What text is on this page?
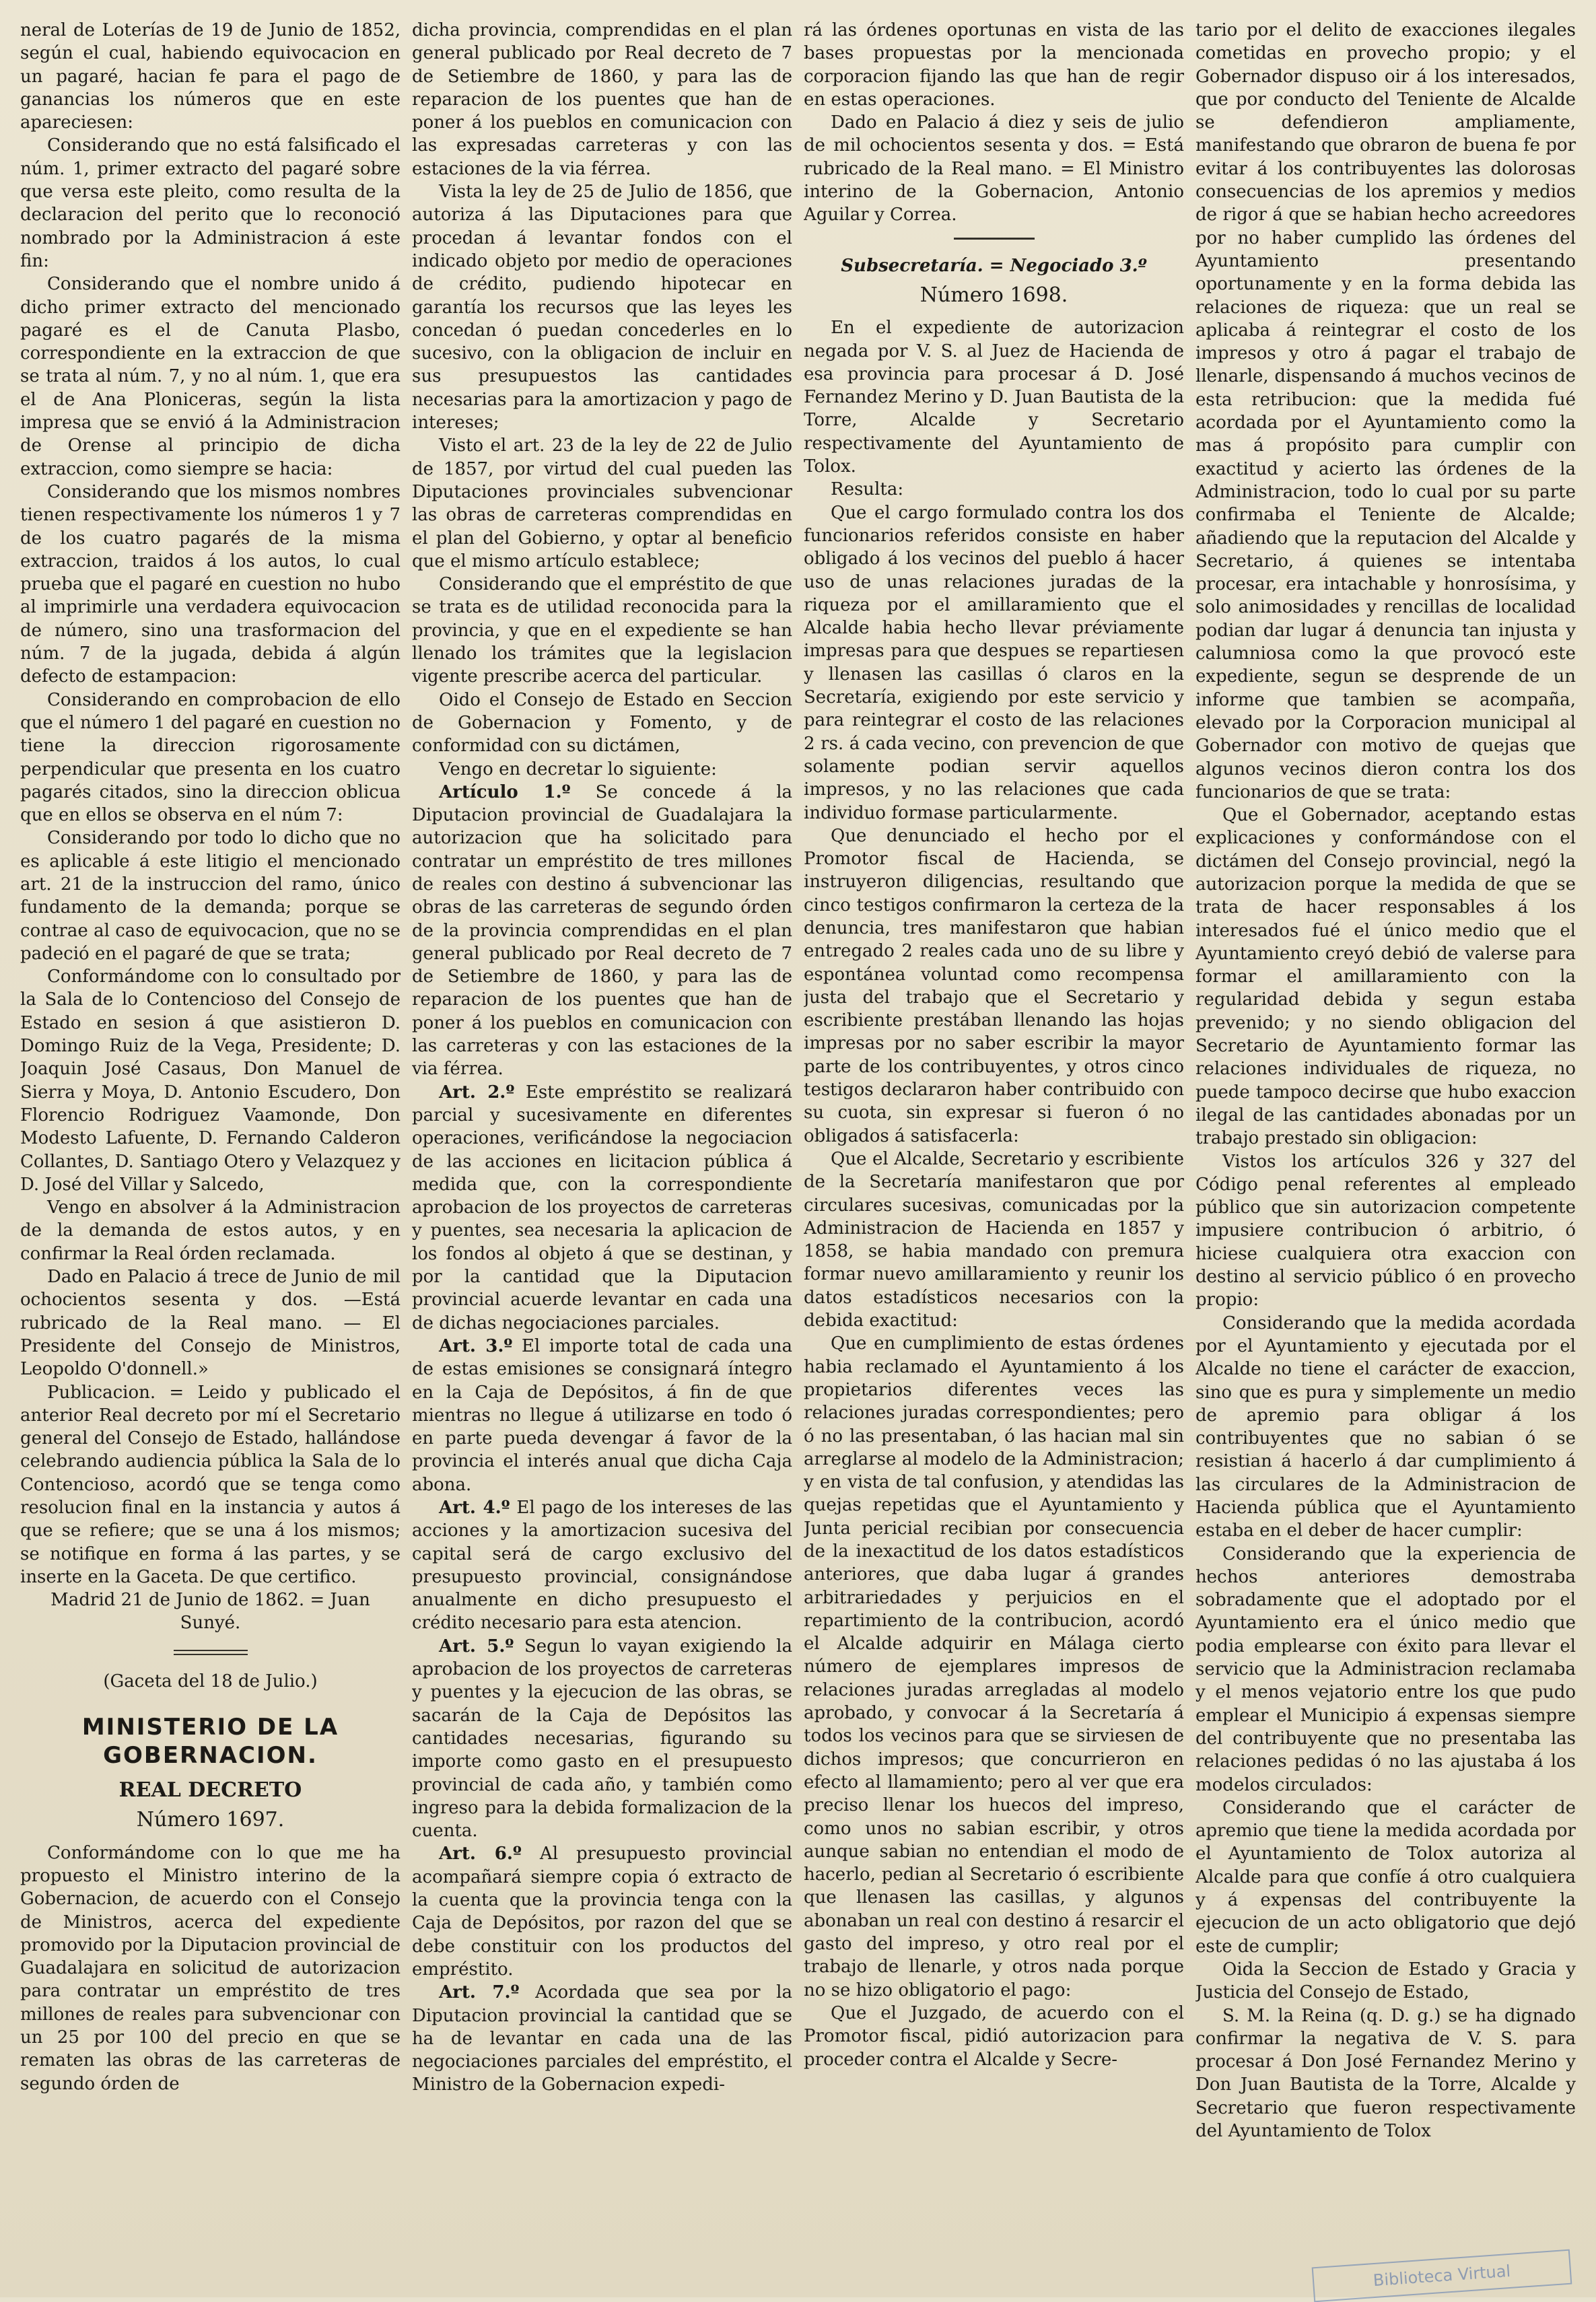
neral de Loterías de 19 de Junio de 1852, según el cual, habiendo equivocacion en un pagaré, hacian fe para el pago de ganancias los números que en este apareciesen:

Considerando que no está falsificado el núm. 1, primer extracto del pagaré sobre que versa este pleito, como resulta de la declaracion del perito que lo reconoció nombrado por la Administracion á este fin:

Considerando que el nombre unido á dicho primer extracto del mencionado pagaré es el de Canuta Plasbo, correspondiente en la extraccion de que se trata al núm. 7, y no al núm. 1, que era el de Ana Ploniceras, según la lista impresa que se envió á la Administracion de Orense al principio de dicha extraccion, como siempre se hacia:

Considerando que los mismos nombres tienen respectivamente los números 1 y 7 de los cuatro pagarés de la misma extraccion, traidos á los autos, lo cual prueba que el pagaré en cuestion no hubo al imprimirle una verdadera equivocacion de número, sino una trasformacion del núm. 7 de la jugada, debida á algún defecto de estampacion:

Considerando en comprobacion de ello que el número 1 del pagaré en cuestion no tiene la direccion rigorosamente perpendicular que presenta en los cuatro pagarés citados, sino la direccion oblicua que en ellos se observa en el núm 7:

Considerando por todo lo dicho que no es aplicable á este litigio el mencionado art. 21 de la instruccion del ramo, único fundamento de la demanda; porque se contrae al caso de equivocacion, que no se padeció en el pagaré de que se trata;

Conformándome con lo consultado por la Sala de lo Contencioso del Consejo de Estado en sesion á que asistieron D. Domingo Ruiz de la Vega, Presidente; D. Joaquin José Casaus, Don Manuel de Sierra y Moya, D. Antonio Escudero, Don Florencio Rodriguez Vaamonde, Don Modesto Lafuente, D. Fernando Calderon Collantes, D. Santiago Otero y Velazquez y D. José del Villar y Salcedo,

Vengo en absolver á la Administracion de la demanda de estos autos, y en confirmar la Real órden reclamada.

Dado en Palacio á trece de Junio de mil ochocientos sesenta y dos. —Está rubricado de la Real mano. — El Presidente del Consejo de Ministros, Leopoldo O'donnell.»

Publicacion. = Leido y publicado el anterior Real decreto por mí el Secretario general del Consejo de Estado, hallándose celebrando audiencia pública la Sala de lo Contencioso, acordó que se tenga como resolucion final en la instancia y autos á que se refiere; que se una á los mismos; se notifique en forma á las partes, y se inserte en la Gaceta. De que certifico.

Madrid 21 de Junio de 1862. = Juan Sunyé.

(Gaceta del 18 de Julio.)
MINISTERIO DE LA GOBERNACION.
REAL DECRETO
Número 1697.

Conformándome con lo que me ha propuesto el Ministro interino de la Gobernacion, de acuerdo con el Consejo de Ministros, acerca del expediente promovido por la Diputacion provincial de Guadalajara en solicitud de autorizacion para contratar un empréstito de tres millones de reales para subvencionar con un 25 por 100 del precio en que se rematen las obras de las carreteras de segundo órden de

dicha provincia, comprendidas en el plan general publicado por Real decreto de 7 de Setiembre de 1860, y para las de reparacion de los puentes que han de poner á los pueblos en comunicacion con las expresadas carreteras y con las estaciones de la via férrea.

Vista la ley de 25 de Julio de 1856, que autoriza á las Diputaciones para que procedan á levantar fondos con el indicado objeto por medio de operaciones de crédito, pudiendo hipotecar en garantía los recursos que las leyes les concedan ó puedan concederles en lo sucesivo, con la obligacion de incluir en sus presupuestos las cantidades necesarias para la amortizacion y pago de intereses;

Visto el art. 23 de la ley de 22 de Julio de 1857, por virtud del cual pueden las Diputaciones provinciales subvencionar las obras de carreteras comprendidas en el plan del Gobierno, y optar al beneficio que el mismo artículo establece;

Considerando que el empréstito de que se trata es de utilidad reconocida para la provincia, y que en el expediente se han llenado los trámites que la legislacion vigente prescribe acerca del particular.

Oido el Consejo de Estado en Seccion de Gobernacion y Fomento, y de conformidad con su dictámen,

Vengo en decretar lo siguiente:

Artículo 1.º Se concede á la Diputacion provincial de Guadalajara la autorizacion que ha solicitado para contratar un empréstito de tres millones de reales con destino á subvencionar las obras de las carreteras de segundo órden de la provincia comprendidas en el plan general publicado por Real decreto de 7 de Setiembre de 1860, y para las de reparacion de los puentes que han de poner á los pueblos en comunicacion con las carreteras y con las estaciones de la via férrea.

Art. 2.º Este empréstito se realizará parcial y sucesivamente en diferentes operaciones, verificándose la negociacion de las acciones en licitacion pública á medida que, con la correspondiente aprobacion de los proyectos de carreteras y puentes, sea necesaria la aplicacion de los fondos al objeto á que se destinan, y por la cantidad que la Diputacion provincial acuerde levantar en cada una de dichas negociaciones parciales.

Art. 3.º El importe total de cada una de estas emisiones se consignará íntegro en la Caja de Depósitos, á fin de que mientras no llegue á utilizarse en todo ó en parte pueda devengar á favor de la provincia el interés anual que dicha Caja abona.

Art. 4.º El pago de los intereses de las acciones y la amortizacion sucesiva del capital será de cargo exclusivo del presupuesto provincial, consignándose anualmente en dicho presupuesto el crédito necesario para esta atencion.

Art. 5.º Segun lo vayan exigiendo la aprobacion de los proyectos de carreteras y puentes y la ejecucion de las obras, se sacarán de la Caja de Depósitos las cantidades necesarias, figurando su importe como gasto en el presupuesto provincial de cada año, y también como ingreso para la debida formalizacion de la cuenta.

Art. 6.º Al presupuesto provincial acompañará siempre copia ó extracto de la cuenta que la provincia tenga con la Caja de Depósitos, por razon del que se debe constituir con los productos del empréstito.

Art. 7.º Acordada que sea por la Diputacion provincial la cantidad que se ha de levantar en cada una de las negociaciones parciales del empréstito, el Ministro de la Gobernacion expedi-

rá las órdenes oportunas en vista de las bases propuestas por la mencionada corporacion fijando las que han de regir en estas operaciones.

Dado en Palacio á diez y seis de julio de mil ochocientos sesenta y dos. = Está rubricado de la Real mano. = El Ministro interino de la Gobernacion, Antonio Aguilar y Correa.

Subsecretaría. = Negociado 3.º
Número 1698.

En el expediente de autorizacion negada por V. S. al Juez de Hacienda de esa provincia para procesar á D. José Fernandez Merino y D. Juan Bautista de la Torre, Alcalde y Secretario respectivamente del Ayuntamiento de Tolox.

Resulta:

Que el cargo formulado contra los dos funcionarios referidos consiste en haber obligado á los vecinos del pueblo á hacer uso de unas relaciones juradas de la riqueza por el amillaramiento que el Alcalde habia hecho llevar préviamente impresas para que despues se repartiesen y llenasen las casillas ó claros en la Secretaría, exigiendo por este servicio y para reintegrar el costo de las relaciones 2 rs. á cada vecino, con prevencion de que solamente podian servir aquellos impresos, y no las relaciones que cada individuo formase particularmente.

Que denunciado el hecho por el Promotor fiscal de Hacienda, se instruyeron diligencias, resultando que cinco testigos confirmaron la certeza de la denuncia, tres manifestaron que habian entregado 2 reales cada uno de su libre y espontánea voluntad como recompensa justa del trabajo que el Secretario y escribiente prestában llenando las hojas impresas por no saber escribir la mayor parte de los contribuyentes, y otros cinco testigos declararon haber contribuido con su cuota, sin expresar si fueron ó no obligados á satisfacerla:

Que el Alcalde, Secretario y escribiente de la Secretaría manifestaron que por circulares sucesivas, comunicadas por la Administracion de Hacienda en 1857 y 1858, se habia mandado con premura formar nuevo amillaramiento y reunir los datos estadísticos necesarios con la debida exactitud:

Que en cumplimiento de estas órdenes habia reclamado el Ayuntamiento á los propietarios diferentes veces las relaciones juradas correspondientes; pero ó no las presentaban, ó las hacian mal sin arreglarse al modelo de la Administracion; y en vista de tal confusion, y atendidas las quejas repetidas que el Ayuntamiento y Junta pericial recibian por consecuencia de la inexactitud de los datos estadísticos anteriores, que daba lugar á grandes arbitrariedades y perjuicios en el repartimiento de la contribucion, acordó el Alcalde adquirir en Málaga cierto número de ejemplares impresos de relaciones juradas arregladas al modelo aprobado, y convocar á la Secretaría á todos los vecinos para que se sirviesen de dichos impresos; que concurrieron en efecto al llamamiento; pero al ver que era preciso llenar los huecos del impreso, como unos no sabian escribir, y otros aunque sabian no entendian el modo de hacerlo, pedian al Secretario ó escribiente que llenasen las casillas, y algunos abonaban un real con destino á resarcir el gasto del impreso, y otro real por el trabajo de llenarle, y otros nada porque no se hizo obligatorio el pago:

Que el Juzgado, de acuerdo con el Promotor fiscal, pidió autorizacion para proceder contra el Alcalde y Secre-

tario por el delito de exacciones ilegales cometidas en provecho propio; y el Gobernador dispuso oir á los interesados, que por conducto del Teniente de Alcalde se defendieron ampliamente, manifestando que obraron de buena fe por evitar á los contribuyentes las dolorosas consecuencias de los apremios y medios de rigor á que se habian hecho acreedores por no haber cumplido las órdenes del Ayuntamiento presentando oportunamente y en la forma debida las relaciones de riqueza: que un real se aplicaba á reintegrar el costo de los impresos y otro á pagar el trabajo de llenarle, dispensando á muchos vecinos de esta retribucion: que la medida fué acordada por el Ayuntamiento como la mas á propósito para cumplir con exactitud y acierto las órdenes de la Administracion, todo lo cual por su parte confirmaba el Teniente de Alcalde; añadiendo que la reputacion del Alcalde y Secretario, á quienes se intentaba procesar, era intachable y honrosísima, y solo animosidades y rencillas de localidad podian dar lugar á denuncia tan injusta y calumniosa como la que provocó este expediente, segun se desprende de un informe que tambien se acompaña, elevado por la Corporacion municipal al Gobernador con motivo de quejas que algunos vecinos dieron contra los dos funcionarios de que se trata:

Que el Gobernador, aceptando estas explicaciones y conformándose con el dictámen del Consejo provincial, negó la autorizacion porque la medida de que se trata de hacer responsables á los interesados fué el único medio que el Ayuntamiento creyó debió de valerse para formar el amillaramiento con la regularidad debida y segun estaba prevenido; y no siendo obligacion del Secretario de Ayuntamiento formar las relaciones individuales de riqueza, no puede tampoco decirse que hubo exaccion ilegal de las cantidades abonadas por un trabajo prestado sin obligacion:

Vistos los artículos 326 y 327 del Código penal referentes al empleado público que sin autorizacion competente impusiere contribucion ó arbitrio, ó hiciese cualquiera otra exaccion con destino al servicio público ó en provecho propio:

Considerando que la medida acordada por el Ayuntamiento y ejecutada por el Alcalde no tiene el carácter de exaccion, sino que es pura y simplemente un medio de apremio para obligar á los contribuyentes que no sabian ó se resistian á hacerlo á dar cumplimiento á las circulares de la Administracion de Hacienda pública que el Ayuntamiento estaba en el deber de hacer cumplir:

Considerando que la experiencia de hechos anteriores demostraba sobradamente que el adoptado por el Ayuntamiento era el único medio que podia emplearse con éxito para llevar el servicio que la Administracion reclamaba y el menos vejatorio entre los que pudo emplear el Municipio á expensas siempre del contribuyente que no presentaba las relaciones pedidas ó no las ajustaba á los modelos circulados:

Considerando que el carácter de apremio que tiene la medida acordada por el Ayuntamiento de Tolox autoriza al Alcalde para que confíe á otro cualquiera y á expensas del contribuyente la ejecucion de un acto obligatorio que dejó este de cumplir;

Oida la Seccion de Estado y Gracia y Justicia del Consejo de Estado,

S. M. la Reina (q. D. g.) se ha dignado confirmar la negativa de V. S. para procesar á Don José Fernandez Merino y Don Juan Bautista de la Torre, Alcalde y Secretario que fueron respectivamente del Ayuntamiento de Tolox

Biblioteca Virtual
